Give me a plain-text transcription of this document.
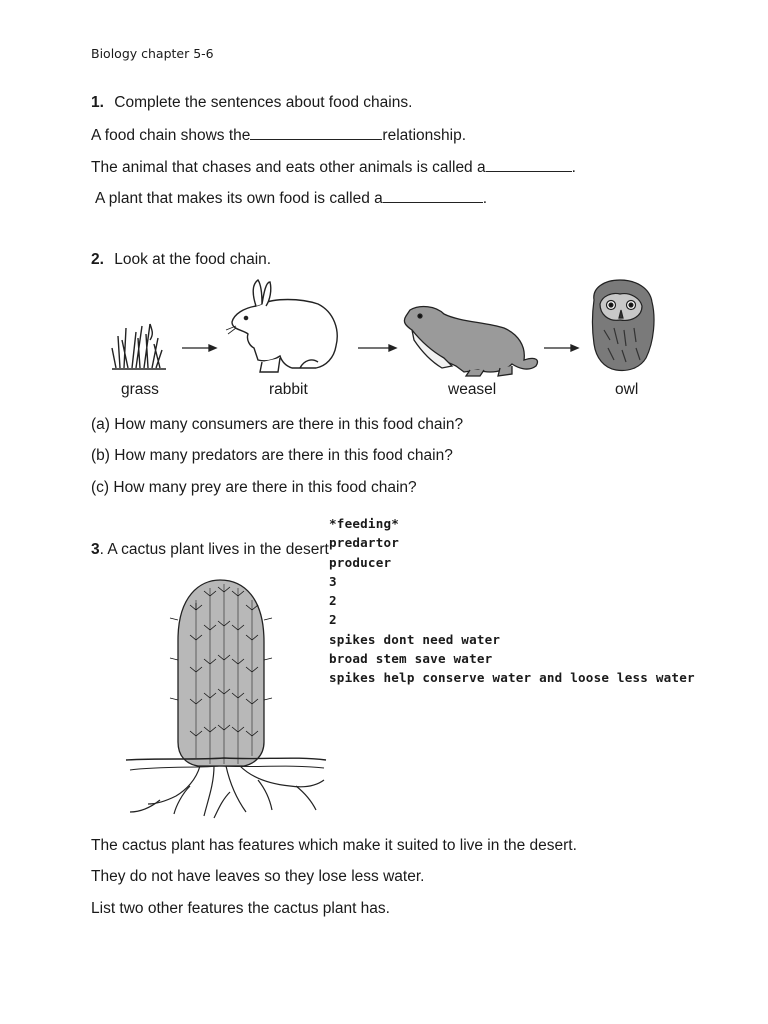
Biology chapter 5-6
1. Complete the sentences about food chains.
A food chain shows the	relationship.
The animal that chases and eats other animals is called a	.
A plant that makes its own food is called a	.
2. Look at the food chain.
grass	rabbit	weasel	owl
(a) How many consumers are there in this food chain?
(b) How many predators are there in this food chain?
(c) How many prey are there in this food chain?
3. A cactus plant lives in the desert
*feeding*
predartor
producer
3
2
2
spikes dont need water
broad stem save water
spikes help conserve water and loose less water
The cactus plant has features which make it suited to live in the desert.
They do not have leaves so they lose less water.
List two other features the cactus plant has.
